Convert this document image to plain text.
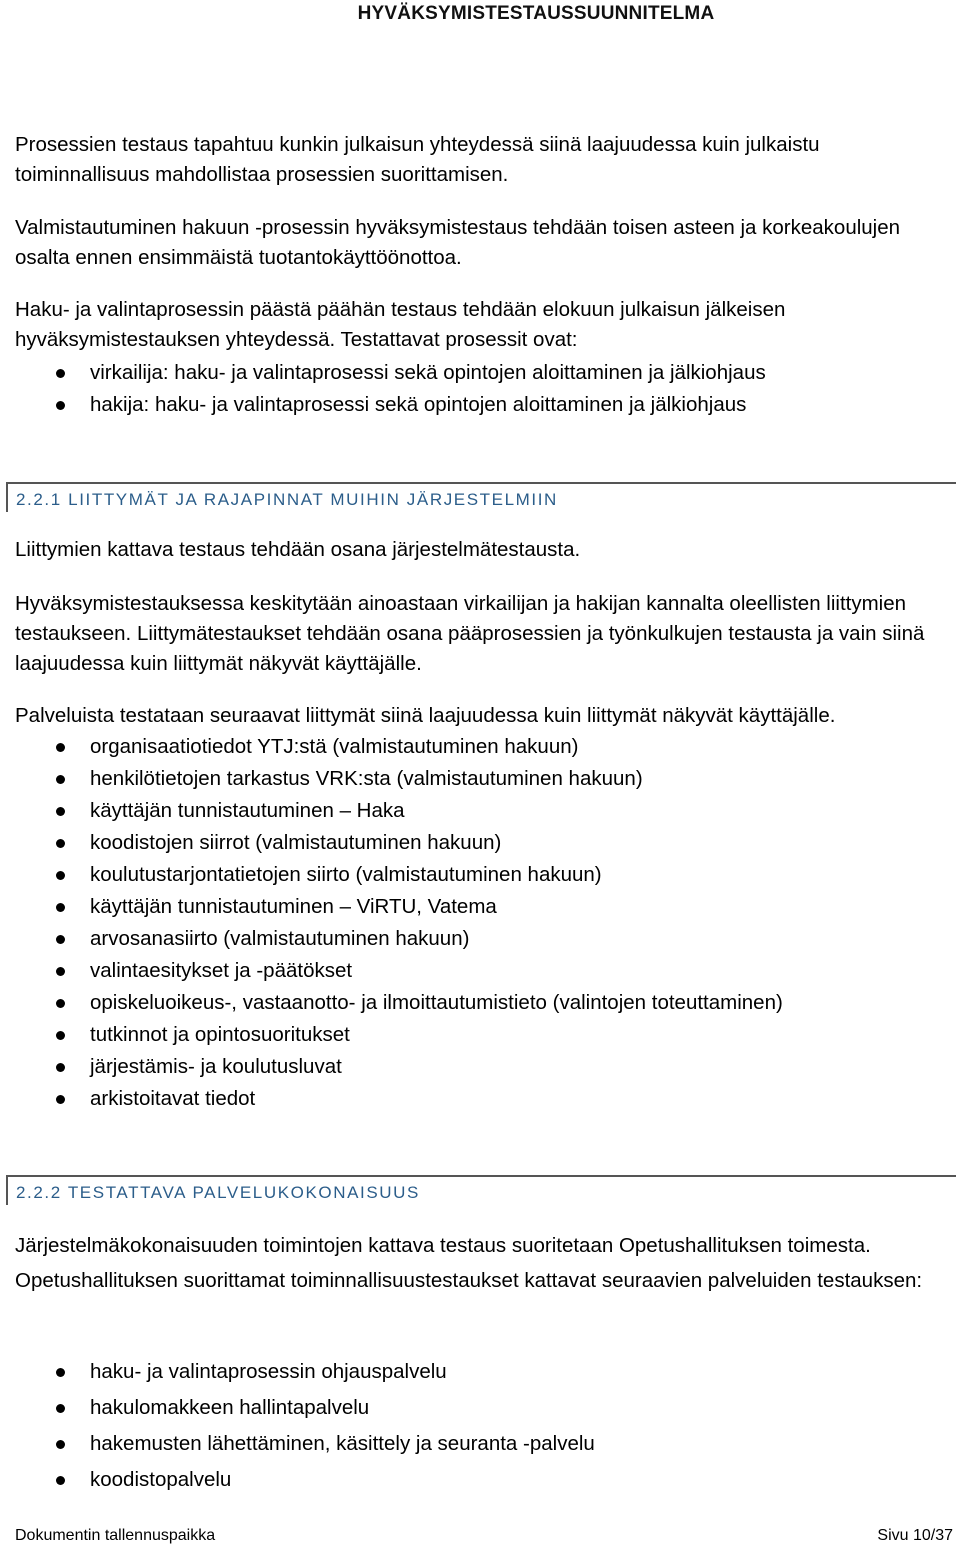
HYVÄKSYMISTESTAUSSUUNNITELMA

Prosessien testaus tapahtuu kunkin julkaisun yhteydessä siinä laajuudessa kuin julkaistu toiminnallisuus mahdollistaa prosessien suorittamisen.

Valmistautuminen hakuun -prosessin hyväksymistestaus tehdään toisen asteen ja korkeakoulujen osalta ennen ensimmäistä tuotantokäyttöönottoa.

Haku- ja valintaprosessin päästä päähän testaus tehdään elokuun julkaisun jälkeisen hyväksymistestauksen yhteydessä. Testattavat prosessit ovat:

virkailija: haku- ja valintaprosessi sekä opintojen aloittaminen ja jälkiohjaus
hakija: haku- ja valintaprosessi sekä opintojen aloittaminen ja jälkiohjaus
2.2.1 LIITTYMÄT JA RAJAPINNAT MUIHIN JÄRJESTELMIIN

Liittymien kattava testaus tehdään osana järjestelmätestausta.

Hyväksymistestauksessa keskitytään ainoastaan virkailijan ja hakijan kannalta oleellisten liittymien testaukseen. Liittymätestaukset tehdään osana pääprosessien ja työnkulkujen testausta ja vain siinä laajuudessa kuin liittymät näkyvät käyttäjälle.

Palveluista testataan seuraavat liittymät siinä laajuudessa kuin liittymät näkyvät käyttäjälle.

organisaatiotiedot YTJ:stä (valmistautuminen hakuun)
henkilötietojen tarkastus VRK:sta (valmistautuminen hakuun)
käyttäjän tunnistautuminen – Haka
koodistojen siirrot (valmistautuminen hakuun)
koulutustarjontatietojen siirto (valmistautuminen hakuun)
käyttäjän tunnistautuminen – ViRTU, Vatema
arvosanasiirto (valmistautuminen hakuun)
valintaesitykset ja -päätökset
opiskeluoikeus-, vastaanotto- ja ilmoittautumistieto (valintojen toteuttaminen)
tutkinnot ja opintosuoritukset
järjestämis- ja koulutusluvat
arkistoitavat tiedot
2.2.2 TESTATTAVA PALVELUKOKONAISUUS

Järjestelmäkokonaisuuden toimintojen kattava testaus suoritetaan Opetushallituksen toimesta. Opetushallituksen suorittamat toiminnallisuustestaukset kattavat seuraavien palveluiden testauksen:

haku- ja valintaprosessin ohjauspalvelu
hakulomakkeen hallintapalvelu
hakemusten lähettäminen, käsittely ja seuranta -palvelu
koodistopalvelu
Dokumentin tallennuspaikka	Sivu 10/37
